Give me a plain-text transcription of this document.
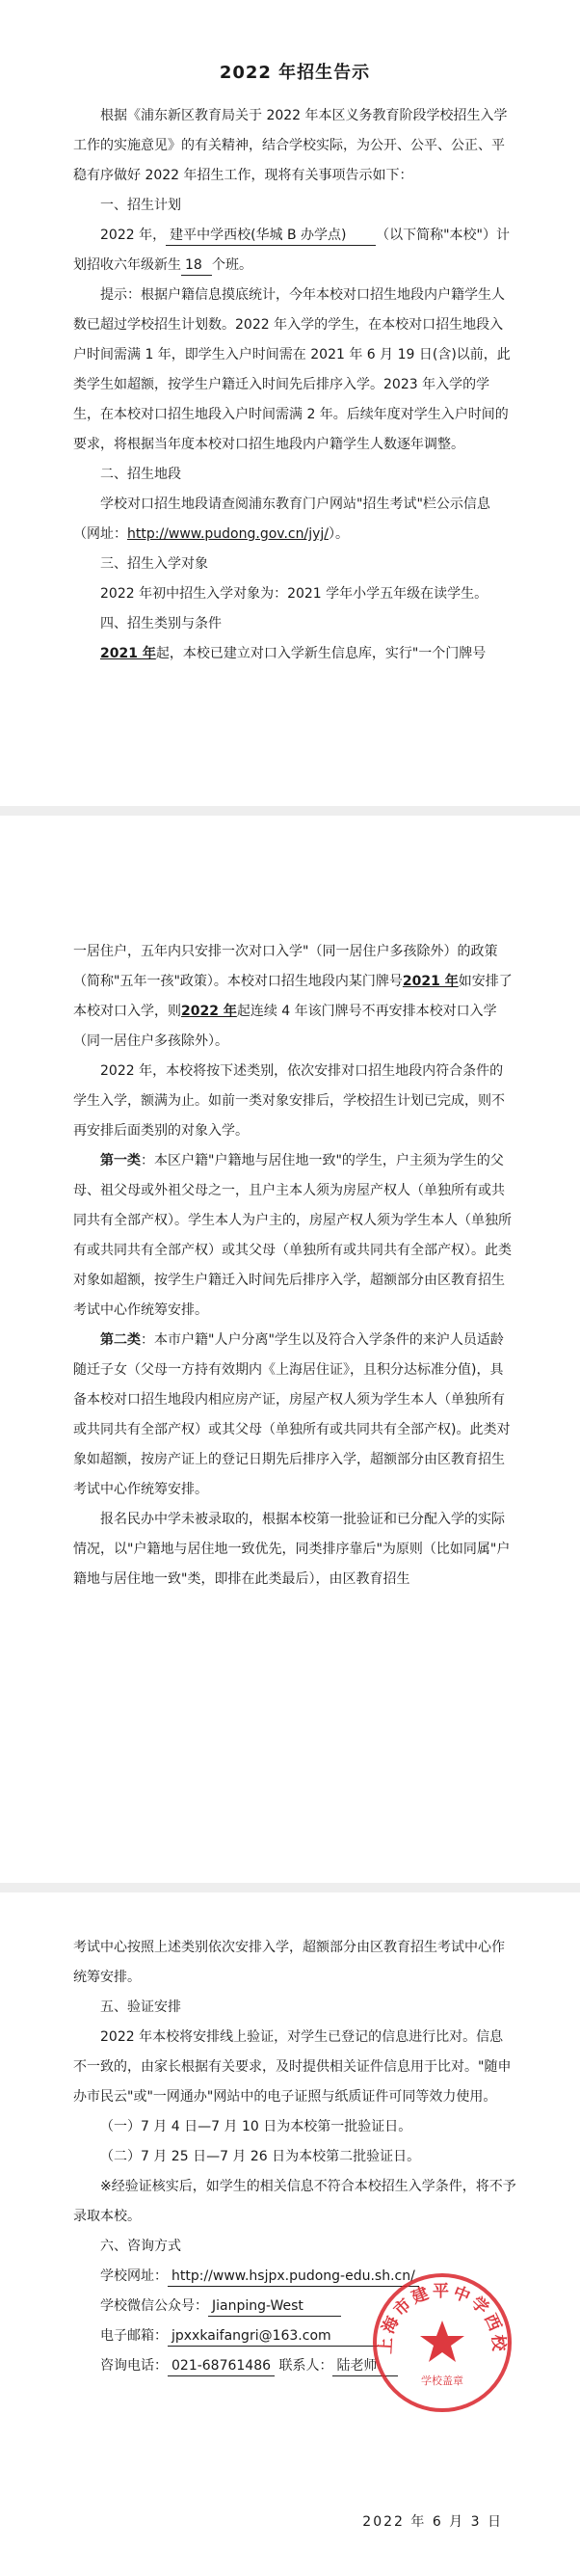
2022 年招生告示

根据《浦东新区教育局关于 2022 年本区义务教育阶段学校招生入学工作的实施意见》的有关精神，结合学校实际，为公开、公平、公正、平稳有序做好 2022 年招生工作，现将有关事项告示如下：

一、招生计划

2022 年， 建平中学西校(华城 B 办学点) （以下简称"本校"）计划招收六年级新生 18 个班。

提示：根据户籍信息摸底统计，今年本校对口招生地段内户籍学生人数已超过学校招生计划数。2022 年入学的学生，在本校对口招生地段入户时间需满 1 年，即学生入户时间需在 2021 年 6 月 19 日(含)以前，此类学生如超额，按学生户籍迁入时间先后排序入学。2023 年入学的学生，在本校对口招生地段入户时间需满 2 年。后续年度对学生入户时间的要求，将根据当年度本校对口招生地段内户籍学生人数逐年调整。

二、招生地段

学校对口招生地段请查阅浦东教育门户网站"招生考试"栏公示信息（网址：http://www.pudong.gov.cn/jyj/）。

三、招生入学对象

2022 年初中招生入学对象为：2021 学年小学五年级在读学生。

四、招生类别与条件

2021 年起，本校已建立对口入学新生信息库，实行"一个门牌号

一居住户，五年内只安排一次对口入学"（同一居住户多孩除外）的政策（简称"五年一孩"政策）。本校对口招生地段内某门牌号2021 年如安排了本校对口入学，则2022 年起连续 4 年该门牌号不再安排本校对口入学（同一居住户多孩除外）。

2022 年，本校将按下述类别，依次安排对口招生地段内符合条件的学生入学，额满为止。如前一类对象安排后，学校招生计划已完成，则不再安排后面类别的对象入学。

第一类：本区户籍"户籍地与居住地一致"的学生，户主须为学生的父母、祖父母或外祖父母之一，且户主本人须为房屋产权人（单独所有或共同共有全部产权）。学生本人为户主的，房屋产权人须为学生本人（单独所有或共同共有全部产权）或其父母（单独所有或共同共有全部产权）。此类对象如超额，按学生户籍迁入时间先后排序入学，超额部分由区教育招生考试中心作统筹安排。

第二类：本市户籍"人户分离"学生以及符合入学条件的来沪人员适龄随迁子女（父母一方持有效期内《上海居住证》，且积分达标准分值)，具备本校对口招生地段内相应房产证，房屋产权人须为学生本人（单独所有或共同共有全部产权）或其父母（单独所有或共同共有全部产权)。此类对象如超额，按房产证上的登记日期先后排序入学，超额部分由区教育招生考试中心作统筹安排。

报名民办中学未被录取的，根据本校第一批验证和已分配入学的实际情况，以"户籍地与居住地一致优先，同类排序靠后"为原则（比如同属"户籍地与居住地一致"类，即排在此类最后），由区教育招生

考试中心按照上述类别依次安排入学，超额部分由区教育招生考试中心作统筹安排。

五、验证安排

2022 年本校将安排线上验证，对学生已登记的信息进行比对。信息不一致的，由家长根据有关要求，及时提供相关证件信息用于比对。"随申办市民云"或"一网通办"网站中的电子证照与纸质证件可同等效力使用。

（一）7 月 4 日—7 月 10 日为本校第一批验证日。

（二）7 月 25 日—7 月 26 日为本校第二批验证日。

※经验证核实后，如学生的相关信息不符合本校招生入学条件，将不予录取本校。

六、咨询方式

学校网址： http://www.hsjpx.pudong-edu.sh.cn/
学校微信公众号： Jianping-West
电子邮箱： jpxxkaifangri@163.com
咨询电话： 021-68761486 联系人： 陆老师
上海市建平中学西校
学校盖章
2022 年 6 月 3 日
